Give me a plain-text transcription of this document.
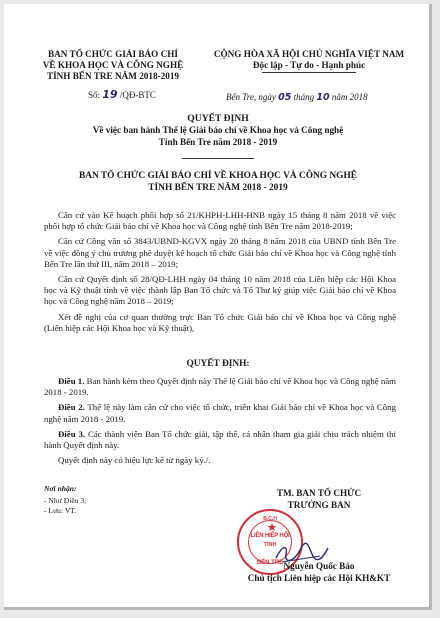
BAN TỔ CHỨC GIẢI BÁO CHÍ
VỀ KHOA HỌC VÀ CÔNG NGHỆ
TỈNH BẾN TRE NĂM 2018-2019
CỘNG HÒA XÃ HỘI CHỦ NGHĨA VIỆT NAM
Độc lập - Tự do - Hạnh phúc
Số: 19 /QĐ-BTC	Bến Tre, ngày 05 tháng 10 năm 2018
QUYẾT ĐỊNH
Về việc ban hành Thể lệ Giải báo chí về Khoa học và Công nghệ
Tỉnh Bến Tre năm 2018 - 2019
BAN TỔ CHỨC GIẢI BÁO CHÍ VỀ KHOA HỌC VÀ CÔNG NGHỆ
TỈNH BẾN TRE NĂM 2018 - 2019

Căn cứ vào Kế hoạch phối hợp số 21/KHPH-LHH-HNB ngày 15 tháng 8 năm 2018 về việc phối hợp tổ chức Giải báo chí về Khoa học và Công nghệ tỉnh Bến Tre năm 2018-2019;

Căn cứ Công văn số 3843/UBND-KGVX ngày 20 tháng 8 năm 2018 của UBND tỉnh Bến Tre về việc đồng ý chủ trương phê duyệt kế hoạch tổ chức Giải báo chí về Khoa học và Công nghệ tỉnh Bến Tre lần thứ III, năm 2018 – 2019;

Căn cứ Quyết định số 28/QĐ-LHH ngày 04 tháng 10 năm 2018 của Liên hiệp các Hội Khoa học và Kỹ thuật tỉnh về việc thành lập Ban Tổ chức và Tổ Thư ký giúp việc Giải báo chí về Khoa học và Công nghệ năm 2018 – 2019;

Xét đề nghị của cơ quan thường trực Ban Tổ chức Giải báo chí về Khoa học và Công nghệ (Liên hiệp các Hội Khoa học và Kỹ thuật),

QUYẾT ĐỊNH:

Điều 1. Ban hành kèm theo Quyết định này Thể lệ Giải báo chí về Khoa học và Công nghệ năm 2018 - 2019.

Điều 2. Thể lệ này làm căn cứ cho việc tổ chức, triển khai Giải báo chí về Khoa học và Công nghệ năm 2018 - 2019.

Điều 3. Các thành viên Ban Tổ chức giải, tập thể, cá nhân tham gia giải chịu trách nhiệm thi hành Quyết định này.

Quyết định này có hiệu lực kể từ ngày ký./.

Nơi nhận:
- Như Điều 3;
- Lưu: VT.
TM. BAN TỔ CHỨC
TRƯỞNG BAN
B.C.H
LIÊN HIỆP HỘI
TỈNH
BẾN TRE Nguyễn Quốc Bảo
Chủ tịch Liên hiệp các Hội KH&KT
